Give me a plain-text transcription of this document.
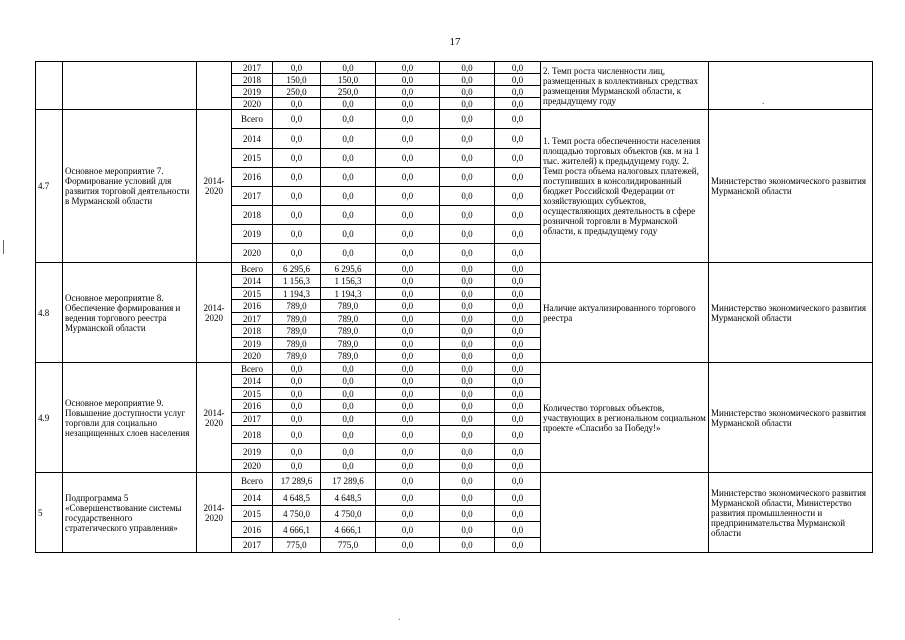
17
			2017	0,0	0,0	0,0	0,0	0,0	2. Темп роста численности лиц, размещенных в коллективных средствах размещения Мурманской области, к предыдущему году	
			2018	150,0	150,0	0,0	0,0	0,0		
			2019	250,0	250,0	0,0	0,0	0,0		
			2020	0,0	0,0	0,0	0,0	0,0		
4.7	Основное мероприятие 7. Формирование условий для развития торговой деятельности в Мурманской области	2014-2020	Всего	0,0	0,0	0,0	0,0	0,0	1. Темп роста обеспеченности населения площадью торговых объектов (кв. м на 1 тыс. жителей) к предыдущему году. 2. Темп роста объема налоговых платежей, поступивших в консолидированный бюджет Российской Федерации от хозяйствующих субъектов, осуществляющих деятельность в сфере розничной торговли в Мурманской области, к предыдущему году	Министерство экономического развития Мурманской области
			2014	0,0	0,0	0,0	0,0	0,0		
			2015	0,0	0,0	0,0	0,0	0,0		
			2016	0,0	0,0	0,0	0,0	0,0		
			2017	0,0	0,0	0,0	0,0	0,0		
			2018	0,0	0,0	0,0	0,0	0,0		
			2019	0,0	0,0	0,0	0,0	0,0		
			2020	0,0	0,0	0,0	0,0	0,0		
4.8	Основное мероприятие 8. Обеспечение формирования и ведения торгового реестра Мурманской области	2014-2020	Всего	6 295,6	6 295,6	0,0	0,0	0,0	Наличие актуализированного торгового реестра	Министерство экономического развития Мурманской области
			2014	1 156,3	1 156,3	0,0	0,0	0,0		
			2015	1 194,3	1 194,3	0,0	0,0	0,0		
			2016	789,0	789,0	0,0	0,0	0,0		
			2017	789,0	789,0	0,0	0,0	0,0		
			2018	789,0	789,0	0,0	0,0	0,0		
			2019	789,0	789,0	0,0	0,0	0,0		
			2020	789,0	789,0	0,0	0,0	0,0		
4.9	Основное мероприятие 9. Повышение доступности услуг торговли для социально незащищенных слоев населения	2014-2020	Всего	0,0	0,0	0,0	0,0	0,0	Количество торговых объектов, участвующих в региональном социальном проекте «Спасибо за Победу!»	Министерство экономического развития Мурманской области
			2014	0,0	0,0	0,0	0,0	0,0		
			2015	0,0	0,0	0,0	0,0	0,0		
			2016	0,0	0,0	0,0	0,0	0,0		
			2017	0,0	0,0	0,0	0,0	0,0		
			2018	0,0	0,0	0,0	0,0	0,0		
			2019	0,0	0,0	0,0	0,0	0,0		
			2020	0,0	0,0	0,0	0,0	0,0		
5	Подпрограмма 5 «Совершенствование системы государственного стратегического управления»	2014-2020	Всего	17 289,6	17 289,6	0,0	0,0	0,0		Министерство экономического развития Мурманской области, Министерство развития промышленности и предпринимательства Мурманской области
			2014	4 648,5	4 648,5	0,0	0,0	0,0		
			2015	4 750,0	4 750,0	0,0	0,0	0,0		
			2016	4 666,1	4 666,1	0,0	0,0	0,0		
			2017	775,0	775,0	0,0	0,0	0,0		
.
.
